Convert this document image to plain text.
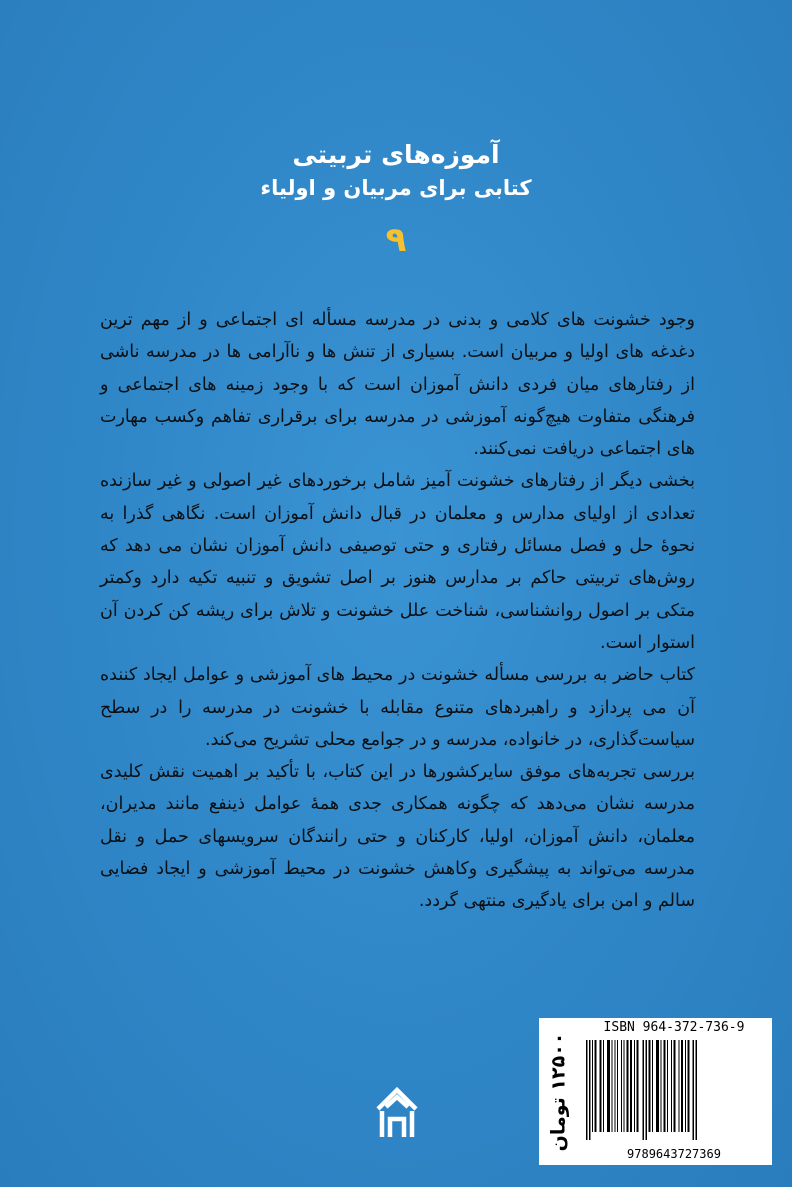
آموزه‌های تربیتی
کتابی برای مربیان و اولیاء
۹

وجود خشونت های کلامی و بدنی در مدرسه مسأله ای اجتماعی و از مهم ترین دغدغه های اولیا و مربیان است. بسیاری از تنش ها و ناآرامی ها در مدرسه ناشی از رفتارهای میان فردی دانش آموزان است که با وجود زمینه های اجتماعی و فرهنگی متفاوت هیچ‌گونه آموزشی در مدرسه برای برقراری تفاهم وکسب مهارت های اجتماعی دریافت نمی‌کنند.

بخشی دیگر از رفتارهای خشونت آمیز شامل برخوردهای غیر اصولی و غیر سازنده تعدادی از اولیای مدارس و معلمان در قبال دانش آموزان است. نگاهی گذرا به نحوهٔ حل و فصل مسائل رفتاری و حتی توصیفی دانش آموزان نشان می دهد که روش‌های تربیتی حاکم بر مدارس هنوز بر اصل تشویق و تنبیه تکیه دارد وکمتر متکی بر اصول روانشناسی، شناخت علل خشونت و تلاش برای ریشه کن کردن آن استوار است.

کتاب حاضر به بررسی مسأله خشونت در محیط های آموزشی و عوامل ایجاد کننده آن می پردازد و راهبردهای متنوع مقابله با خشونت در مدرسه را در سطح سیاست‌گذاری، در خانواده، مدرسه و در جوامع محلی تشریح می‌کند.

بررسی تجربه‌های موفق سایرکشورها در این کتاب، با تأکید بر اهمیت نقش کلیدی مدرسه نشان می‌دهد که چگونه همکاری جدی همهٔ عوامل ذینفع مانند مدیران، معلمان، دانش آموزان، اولیا، کارکنان و حتی رانندگان سرویسهای حمل و نقل مدرسه می‌تواند به پیشگیری وکاهش خشونت در محیط آموزشی و ایجاد فضایی سالم و امن برای یادگیری منتهی گردد.

۱۲۵۰۰ تومان
ISBN 964-372-736-9
9789643727369
